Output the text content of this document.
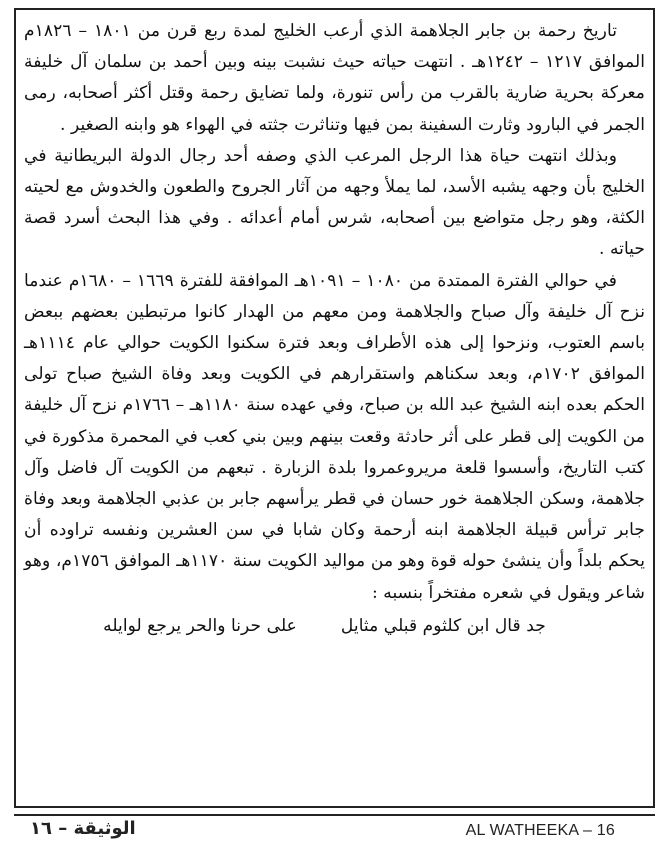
تاريخ رحمة بن جابر الجلاهمة الذي أرعب الخليج لمدة ربع قرن من ١٨٠١ – ١٨٢٦م الموافق ١٢١٧ – ١٢٤٢هـ . انتهت حياته حيث نشبت بينه وبين أحمد بن سلمان آل خليفة معركة بحرية ضارية بالقرب من رأس تنورة، ولما تضايق رحمة وقتل أكثر أصحابه، رمى الجمر في البارود وثارت السفينة بمن فيها وتناثرت جثته في الهواء هو وابنه الصغير .

وبذلك انتهت حياة هذا الرجل المرعب الذي وصفه أحد رجال الدولة البريطانية في الخليج بأن وجهه يشبه الأسد، لما يملأ وجهه من آثار الجروح والطعون والخدوش مع لحيته الكثة، وهو رجل متواضع بين أصحابه، شرس أمام أعدائه . وفي هذا البحث أسرد قصة حياته .

في حوالي الفترة الممتدة من ١٠٨٠ – ١٠٩١هـ الموافقة للفترة ١٦٦٩ – ١٦٨٠م عندما نزح آل خليفة وآل صباح والجلاهمة ومن معهم من الهدار كانوا مرتبطين بعضهم ببعض باسم العتوب، ونزحوا إلى هذه الأطراف وبعد فترة سكنوا الكويت حوالي عام ١١١٤هـ الموافق ١٧٠٢م، وبعد سكناهم واستقرارهم في الكويت وبعد وفاة الشيخ صباح تولى الحكم بعده ابنه الشيخ عبد الله بن صباح، وفي عهده سنة ١١٨٠هـ – ١٧٦٦م نزح آل خليفة من الكويت إلى قطر على أثر حادثة وقعت بينهم وبين بني كعب في المحمرة مذكورة في كتب التاريخ، وأسسوا قلعة مريروعمروا بلدة الزبارة . تبعهم من الكويت آل فاضل وآل جلاهمة، وسكن الجلاهمة خور حسان في قطر يرأسهم جابر بن عذبي الجلاهمة وبعد وفاة جابر ترأس قبيلة الجلاهمة ابنه أرحمة وكان شابا في سن العشرين ونفسه تراوده أن يحكم بلداً وأن ينشئ حوله قوة وهو من مواليد الكويت سنة ١١٧٠هـ الموافق ١٧٥٦م، وهو شاعر ويقول في شعره مفتخراً بنسبه :

جد قال ابن كلثوم قبلي مثايل
على حرنا والحر يرجع لوايله
AL WATHEEKA – 16
الوثيقة – ١٦
